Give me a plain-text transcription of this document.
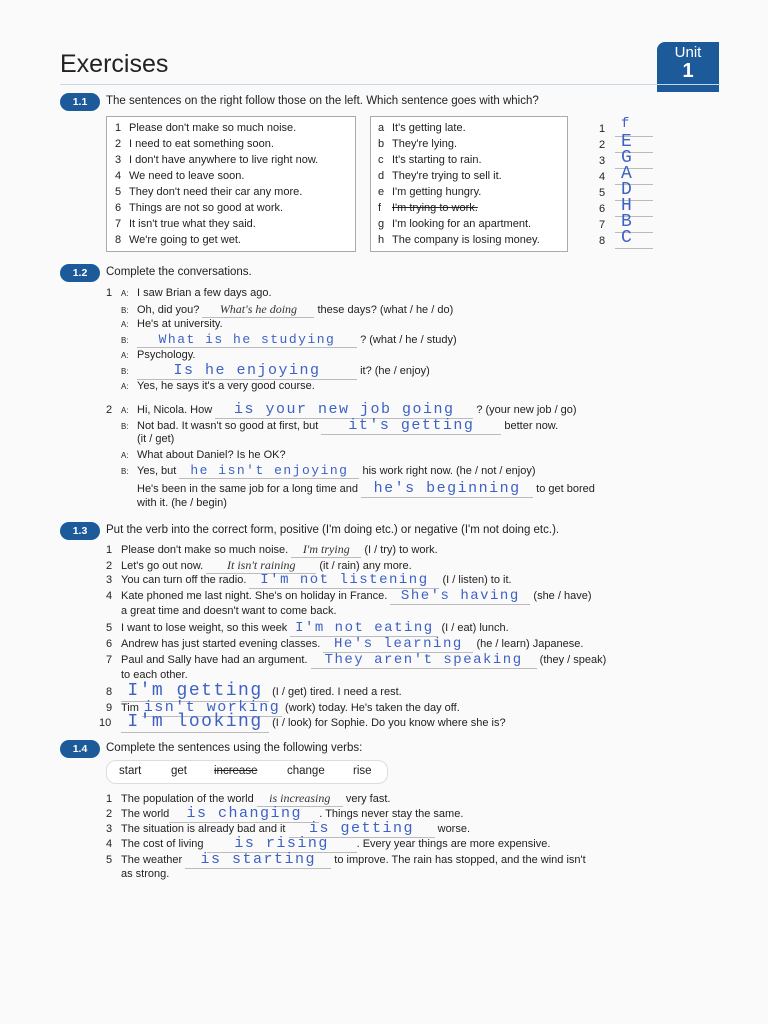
Unit
1
Exercises
1.1	The sentences on the right follow those on the left. Which sentence goes with which?
1 Please don't make so much noise.
2 I need to eat something soon.
3 I don't have anywhere to live right now.
4 We need to leave soon.
5 They don't need their car any more.
6 Things are not so good at work.
7 It isn't true what they said.
8 We're going to get wet.
a It's getting late.
b They're lying.
c It's starting to rain.
d They're trying to sell it.
e I'm getting hungry.
f I'm trying to work.
g I'm looking for an apartment.
h The company is losing money.
1 f
2 E
3 G
4 A
5 D
6 H
7 B
8 C
1.2	Complete the conversations.
1 A: I saw Brian a few days ago.
B: Oh, did you? What's he doing these days? (what / he / do)
A: He's at university.
B: What is he studying ? (what / he / study)
A: Psychology.
B:	Is he enjoying	it? (he / enjoy)
A: Yes, he says it's a very good course.
2 A: Hi, Nicola. How is your new job going ? (your new job / go)
B: Not bad. It wasn't so good at first, but it's getting	better now.
(it / get)
A: What about Daniel? Is he OK?
B: Yes, but he isn't enjoying his work right now. (he / not / enjoy)
He's been in the same job for a long time and he's beginning to get bored
with it. (he / begin)
1.3	Put the verb into the correct form, positive (I'm doing etc.) or negative (I'm not doing etc.).
1 Please don't make so much noise. I'm trying (I / try) to work.
2 Let's go out now. It isn't raining (it / rain) any more.
3 You can turn off the radio. I'm not listening (I / listen) to it.
4 Kate phoned me last night. She's on holiday in France. She's having (she / have)
a great time and doesn't want to come back.
5 I want to lose weight, so this week I'm not eating (I / eat) lunch.
6 Andrew has just started evening classes. He's learning (he / learn) Japanese.
7 Paul and Sally have had an argument. They aren't speaking (they / speak)
to each other.
8 I'm getting (I / get) tired. I need a rest.
9 Tim isn't working (work) today. He's taken the day off.
10 I'm looking (I / look) for Sophie. Do you know where she is?
1.4	Complete the sentences using the following verbs:
start	get increase	change rise
1 The population of the world is increasing very fast.
2 The world is changing . Things never stay the same.
3 The situation is already bad and it is getting worse.
4 The cost of living is rising	. Every year things are more expensive.
5 The weather is starting to improve. The rain has stopped, and the wind isn't
as strong.
